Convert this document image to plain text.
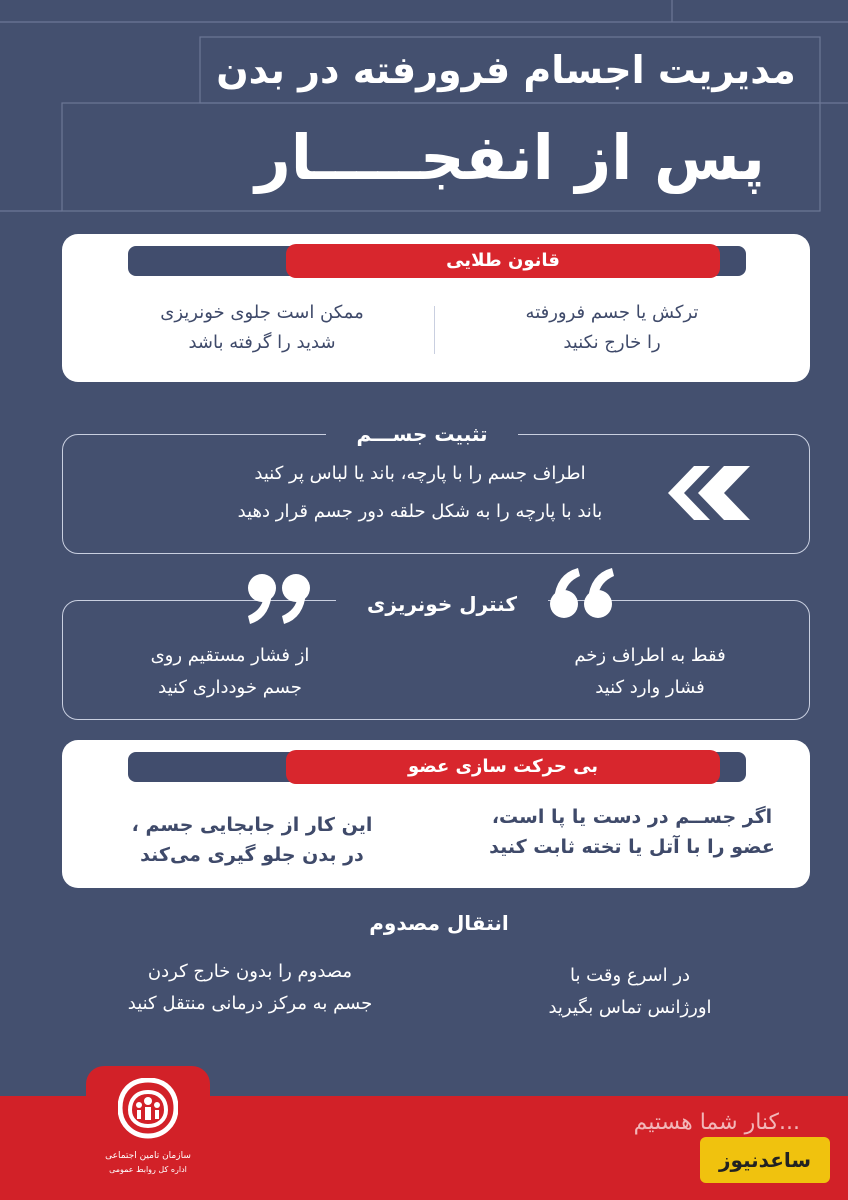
مدیریت اجسام فرورفته در بدن
پس از انفجـــــار
قانون طلایی
ترکش یا جسم فرورفته
را خارج نکنید
ممکن است جلوی خونریزی
شدید را گرفته باشد
تثبیت جســـم
اطراف جسم را با پارچه، باند یا لباس پر کنید
باند با پارچه را به شکل حلقه دور جسم قرار دهید
کنترل خونریزی
فقط به اطراف زخم
فشار وارد کنید
از فشار مستقیم روی
جسم خودداری کنید
بی حرکت سازی عضو
اگر جســم در دست یا پا است،
عضو را با آتل یا تخته ثابت کنید
این کار از جابجایی جسم ،
در بدن جلو گیری می‌کند
انتقال مصدوم
در اسرع وقت با
اورژانس تماس بگیرید
مصدوم را بدون خارج کردن
جسم به مرکز درمانی منتقل کنید
سازمان تامین اجتماعی
اداره کل روابط عمومی
...کنار شما هستیم
ساعدنیوز
